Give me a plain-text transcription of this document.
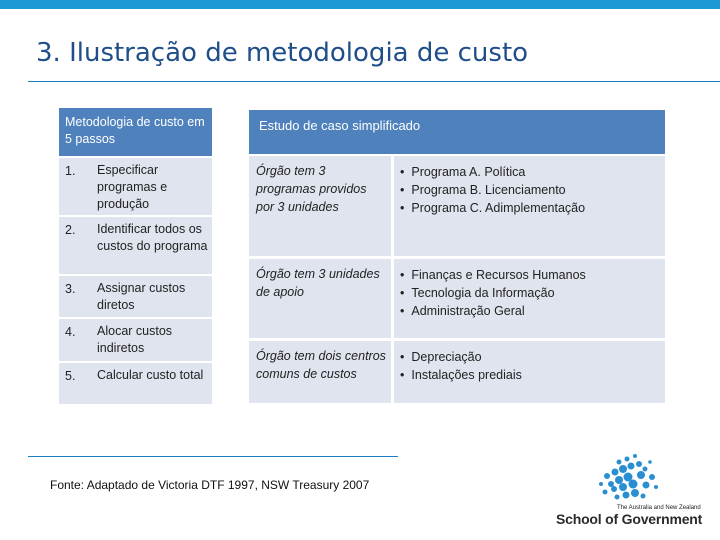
3. Ilustração de metodologia de custo
Metodologia de custo em 5 passos
1.	Especificar programas e produção
2.	Identificar todos os custos do programa
3.	Assignar custos diretos
4.	Alocar custos indiretos
5.	Calcular custo total
Estudo de caso simplificado
Órgão tem 3 programas providos por 3 unidades
• Programa A. Política
• Programa B. Licenciamento
• Programa C. Adimplementação
Órgão tem 3 unidades de apoio
• Finanças e Recursos Humanos
• Tecnologia da Informação
• Administração Geral
Órgão tem dois centros comuns de custos
• Depreciação
• Instalações prediais
Fonte: Adaptado de Victoria DTF 1997, NSW Treasury 2007
The Australia and New Zealand
School of Government
